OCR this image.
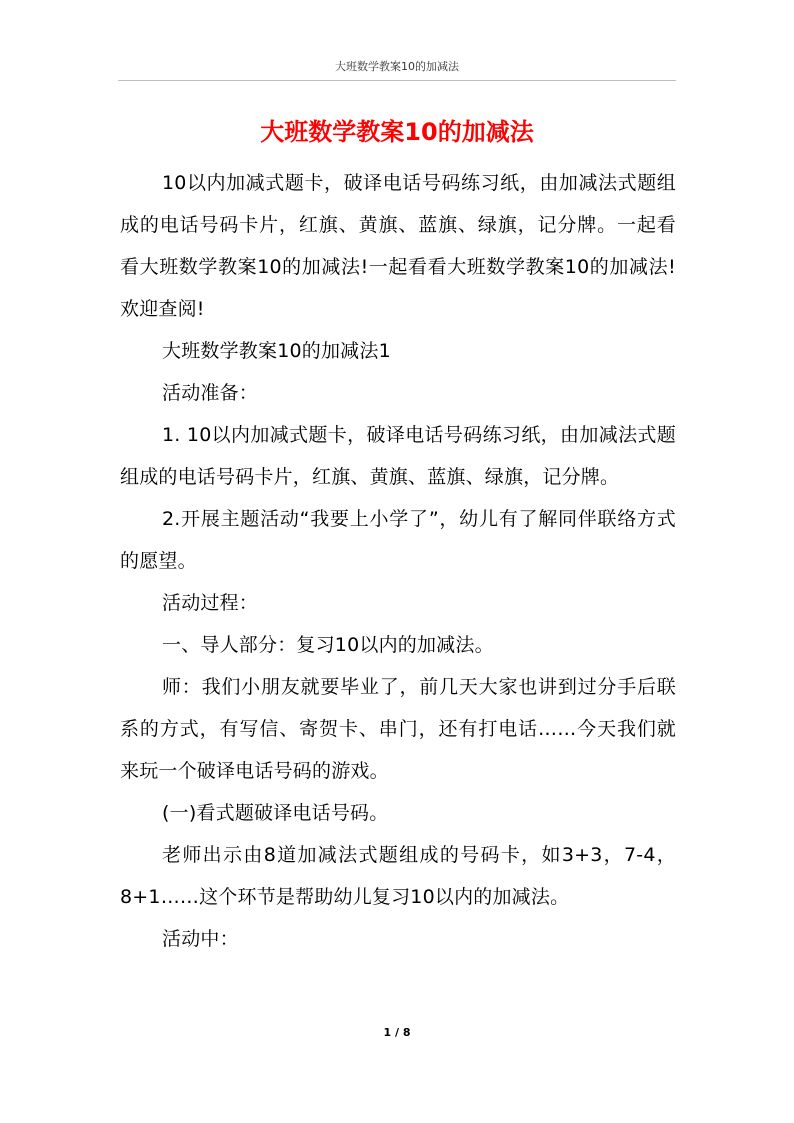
大班数学教案10的加减法
大班数学教案10的加减法

10以内加减式题卡，破译电话号码练习纸，由加减法式题组成的电话号码卡片，红旗、黄旗、蓝旗、绿旗，记分牌。一起看看大班数学教案10的加减法!一起看看大班数学教案10的加减法!欢迎查阅!

大班数学教案10的加减法1

活动准备：

1. 10以内加减式题卡，破译电话号码练习纸，由加减法式题组成的电话号码卡片，红旗、黄旗、蓝旗、绿旗，记分牌。

2.开展主题活动“我要上小学了”，幼儿有了解同伴联络方式的愿望。

活动过程：

一、导人部分：复习10以内的加减法。

师：我们小朋友就要毕业了，前几天大家也讲到过分手后联系的方式，有写信、寄贺卡、串门，还有打电话……今天我们就来玩一个破译电话号码的游戏。

(一)看式题破译电话号码。

老师出示由8道加减法式题组成的号码卡，如3+3，7-4，8+1……这个环节是帮助幼儿复习10以内的加减法。

活动中：

1 / 8
